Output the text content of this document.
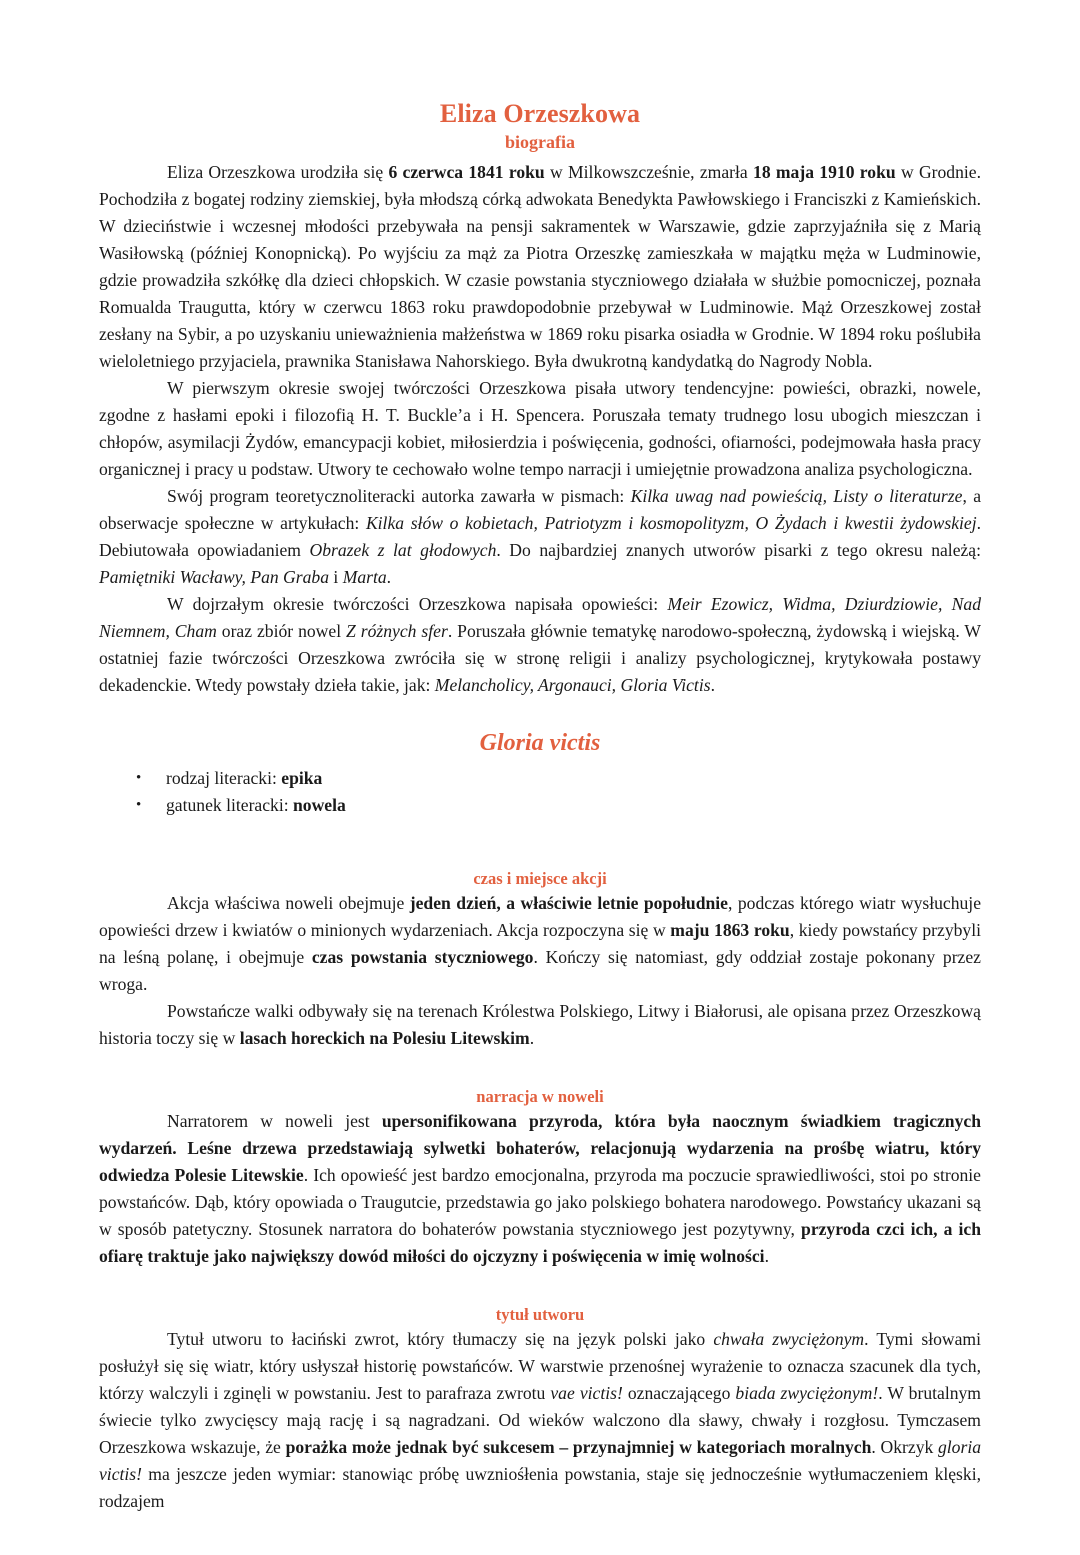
Eliza Orzeszkowa
biografia

Eliza Orzeszkowa urodziła się 6 czerwca 1841 roku w Milkowszcześnie, zmarła 18 maja 1910 roku w Grodnie. Pochodziła z bogatej rodziny ziemskiej, była młodszą córką adwokata Benedykta Pawłowskiego i Franciszki z Kamieńskich. W dzieciństwie i wczesnej młodości przebywała na pensji sakramentek w Warszawie, gdzie zaprzyjaźniła się z Marią Wasiłowską (później Konopnicką). Po wyjściu za mąż za Piotra Orzeszkę zamieszkała w majątku męża w Ludminowie, gdzie prowadziła szkółkę dla dzieci chłopskich. W czasie powstania styczniowego działała w służbie pomocniczej, poznała Romualda Traugutta, który w czerwcu 1863 roku prawdopodobnie przebywał w Ludminowie. Mąż Orzeszkowej został zesłany na Sybir, a po uzyskaniu unieważnienia małżeństwa w 1869 roku pisarka osiadła w Grodnie. W 1894 roku poślubiła wieloletniego przyjaciela, prawnika Stanisława Nahorskiego. Była dwukrotną kandydatką do Nagrody Nobla.

W pierwszym okresie swojej twórczości Orzeszkowa pisała utwory tendencyjne: powieści, obrazki, nowele, zgodne z hasłami epoki i filozofią H. T. Buckle’a i H. Spencera. Poruszała tematy trudnego losu ubogich mieszczan i chłopów, asymilacji Żydów, emancypacji kobiet, miłosierdzia i poświęcenia, godności, ofiarności, podejmowała hasła pracy organicznej i pracy u podstaw. Utwory te cechowało wolne tempo narracji i umiejętnie prowadzona analiza psychologiczna.

Swój program teoretycznoliteracki autorka zawarła w pismach: Kilka uwag nad powieścią, Listy o literaturze, a obserwacje społeczne w artykułach: Kilka słów o kobietach, Patriotyzm i kosmopolityzm, O Żydach i kwestii żydowskiej. Debiutowała opowiadaniem Obrazek z lat głodowych. Do najbardziej znanych utworów pisarki z tego okresu należą: Pamiętniki Wacławy, Pan Graba i Marta.

W dojrzałym okresie twórczości Orzeszkowa napisała opowieści: Meir Ezowicz, Widma, Dziurdziowie, Nad Niemnem, Cham oraz zbiór nowel Z różnych sfer. Poruszała głównie tematykę narodowo-społeczną, żydowską i wiejską. W ostatniej fazie twórczości Orzeszkowa zwróciła się w stronę religii i analizy psychologicznej, krytykowała postawy dekadenckie. Wtedy powstały dzieła takie, jak: Melancholicy, Argonauci, Gloria Victis.

Gloria victis
• rodzaj literacki: epika
• gatunek literacki: nowela
czas i miejsce akcji

Akcja właściwa noweli obejmuje jeden dzień, a właściwie letnie popołudnie, podczas którego wiatr wysłuchuje opowieści drzew i kwiatów o minionych wydarzeniach. Akcja rozpoczyna się w maju 1863 roku, kiedy powstańcy przybyli na leśną polanę, i obejmuje czas powstania styczniowego. Kończy się natomiast, gdy oddział zostaje pokonany przez wroga.

Powstańcze walki odbywały się na terenach Królestwa Polskiego, Litwy i Białorusi, ale opisana przez Orzeszkową historia toczy się w lasach horeckich na Polesiu Litewskim.

narracja w noweli

Narratorem w noweli jest upersonifikowana przyroda, która była naocznym świadkiem tragicznych wydarzeń. Leśne drzewa przedstawiają sylwetki bohaterów, relacjonują wydarzenia na prośbę wiatru, który odwiedza Polesie Litewskie. Ich opowieść jest bardzo emocjonalna, przyroda ma poczucie sprawiedliwości, stoi po stronie powstańców. Dąb, który opowiada o Traugutcie, przedstawia go jako polskiego bohatera narodowego. Powstańcy ukazani są w sposób patetyczny. Stosunek narratora do bohaterów powstania styczniowego jest pozytywny, przyroda czci ich, a ich ofiarę traktuje jako największy dowód miłości do ojczyzny i poświęcenia w imię wolności.

tytuł utworu

Tytuł utworu to łaciński zwrot, który tłumaczy się na język polski jako chwała zwyciężonym. Tymi słowami posłużył się się wiatr, który usłyszał historię powstańców. W warstwie przenośnej wyrażenie to oznacza szacunek dla tych, którzy walczyli i zginęli w powstaniu. Jest to parafraza zwrotu vae victis! oznaczającego biada zwyciężonym!. W brutalnym świecie tylko zwycięscy mają rację i są nagradzani. Od wieków walczono dla sławy, chwały i rozgłosu. Tymczasem Orzeszkowa wskazuje, że porażka może jednak być sukcesem – przynajmniej w kategoriach moralnych. Okrzyk gloria victis! ma jeszcze jeden wymiar: stanowiąc próbę uwzniośłenia powstania, staje się jednocześnie wytłumaczeniem klęski, rodzajem
